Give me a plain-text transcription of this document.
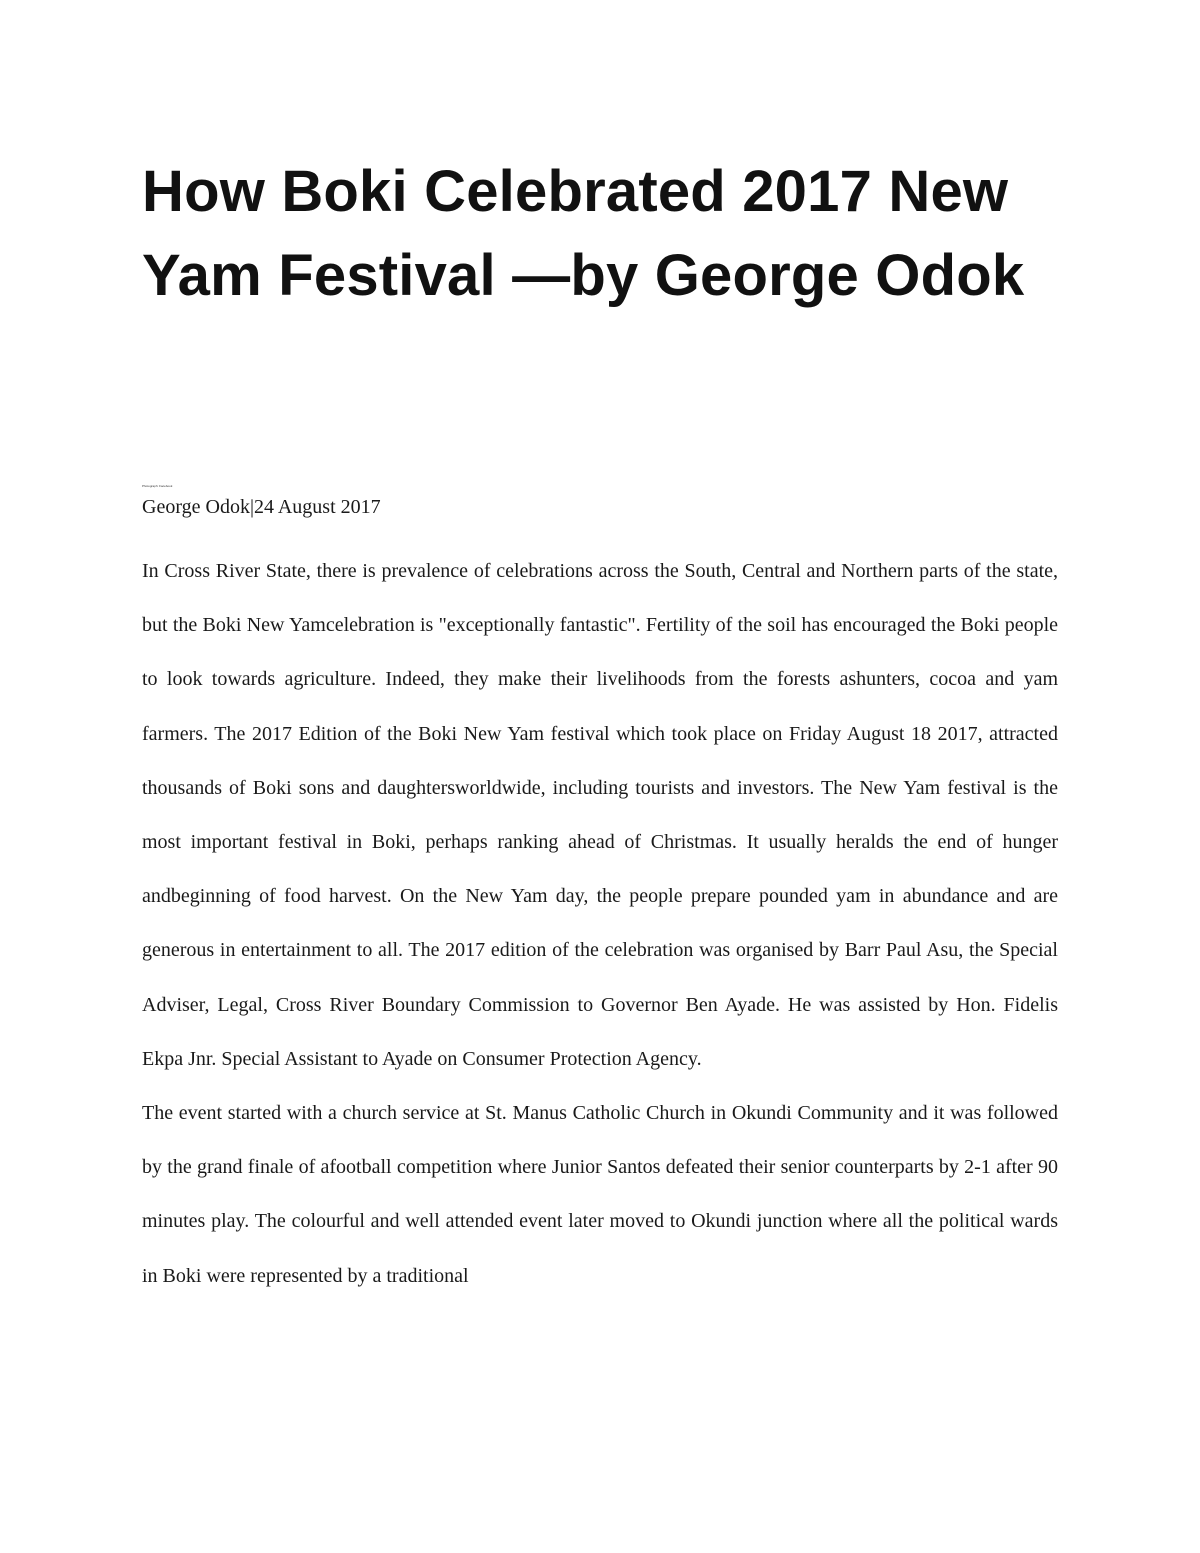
How Boki Celebrated 2017 New Yam Festival —by George Odok
Photograph: Facebook
George Odok|24 August 2017

In Cross River State, there is prevalence of celebrations across the South, Central and Northern parts of the state, but the Boki New Yamcelebration is "exceptionally fantastic". Fertility of the soil has encouraged the Boki people to look towards agriculture. Indeed, they make their livelihoods from the forests ashunters, cocoa and yam farmers. The 2017 Edition of the Boki New Yam festival which took place on Friday August 18 2017, attracted thousands of Boki sons and daughtersworldwide, including tourists and investors. The New Yam festival is the most important festival in Boki, perhaps ranking ahead of Christmas. It usually heralds the end of hunger andbeginning of food harvest. On the New Yam day, the people prepare pounded yam in abundance and are generous in entertainment to all. The 2017 edition of the celebration was organised by Barr Paul Asu, the Special Adviser, Legal, Cross River Boundary Commission to Governor Ben Ayade. He was assisted by Hon. Fidelis Ekpa Jnr. Special Assistant to Ayade on Consumer Protection Agency.

The event started with a church service at St. Manus Catholic Church in Okundi Community and it was followed by the grand finale of afootball competition where Junior Santos defeated their senior counterparts by 2-1 after 90 minutes play. The colourful and well attended event later moved to Okundi junction where all the political wards in Boki were represented by a traditional
